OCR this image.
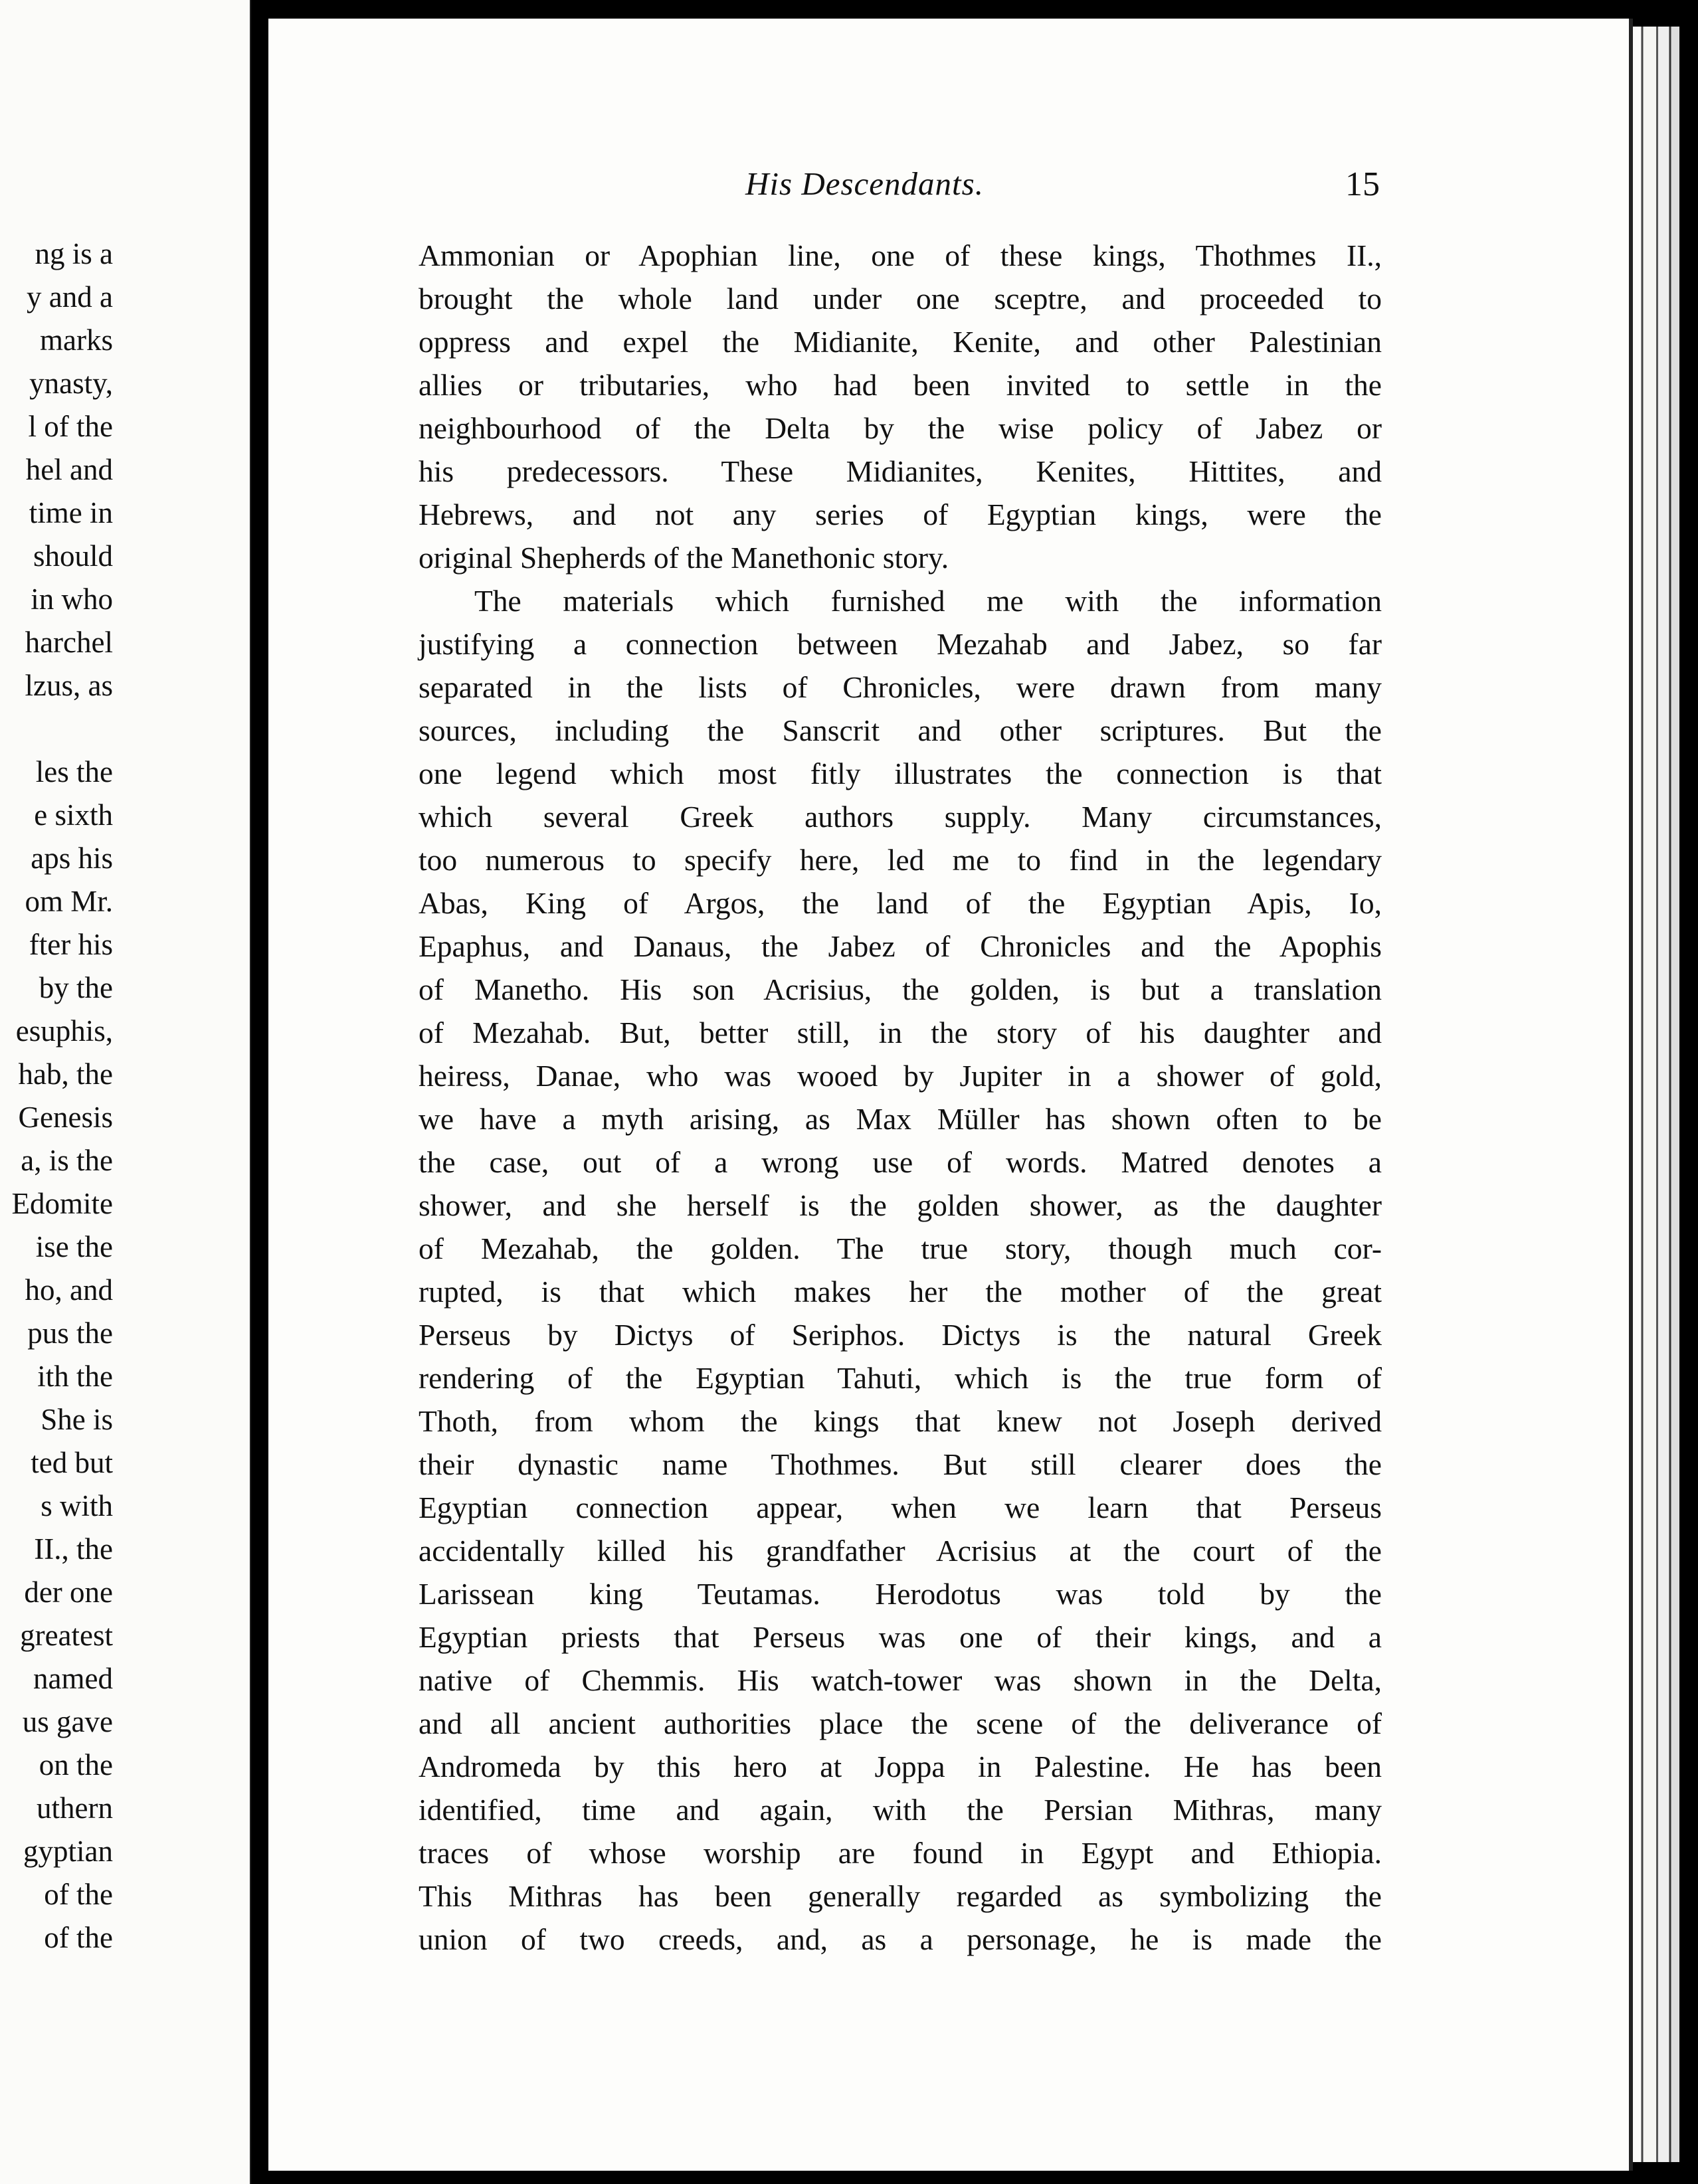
ng is a
y and a
marks
ynasty,
l of the
hel and
time in
should
in who
harchel
lzus, as
les the
e sixth
aps his
om Mr.
fter his
by the
esuphis,
hab, the
Genesis
a, is the
Edomite
ise the
ho, and
pus the
ith the
She is
ted but
s with
II., the
der one
greatest
named
us gave
on the
uthern
gyptian
of the
of the
His Descendants.	15
Ammonian or Apophian line, one of these kings, Thothmes II.,
brought the whole land under one sceptre, and proceeded to
oppress and expel the Midianite, Kenite, and other Palestinian
allies or tributaries, who had been invited to settle in the
neighbourhood of the Delta by the wise policy of Jabez or
his predecessors. These Midianites, Kenites, Hittites, and
Hebrews, and not any series of Egyptian kings, were the
original Shepherds of the Manethonic story.
The materials which furnished me with the information
justifying a connection between Mezahab and Jabez, so far
separated in the lists of Chronicles, were drawn from many
sources, including the Sanscrit and other scriptures. But the
one legend which most fitly illustrates the connection is that
which several Greek authors supply. Many circumstances,
too numerous to specify here, led me to find in the legendary
Abas, King of Argos, the land of the Egyptian Apis, Io,
Epaphus, and Danaus, the Jabez of Chronicles and the Apophis
of Manetho. His son Acrisius, the golden, is but a translation
of Mezahab. But, better still, in the story of his daughter and
heiress, Danae, who was wooed by Jupiter in a shower of gold,
we have a myth arising, as Max Müller has shown often to be
the case, out of a wrong use of words. Matred denotes a
shower, and she herself is the golden shower, as the daughter
of Mezahab, the golden. The true story, though much cor-
rupted, is that which makes her the mother of the great
Perseus by Dictys of Seriphos. Dictys is the natural Greek
rendering of the Egyptian Tahuti, which is the true form of
Thoth, from whom the kings that knew not Joseph derived
their dynastic name Thothmes. But still clearer does the
Egyptian connection appear, when we learn that Perseus
accidentally killed his grandfather Acrisius at the court of the
Larissean king Teutamas. Herodotus was told by the
Egyptian priests that Perseus was one of their kings, and a
native of Chemmis. His watch-tower was shown in the Delta,
and all ancient authorities place the scene of the deliverance of
Andromeda by this hero at Joppa in Palestine. He has been
identified, time and again, with the Persian Mithras, many
traces of whose worship are found in Egypt and Ethiopia.
This Mithras has been generally regarded as symbolizing the
union of two creeds, and, as a personage, he is made the
